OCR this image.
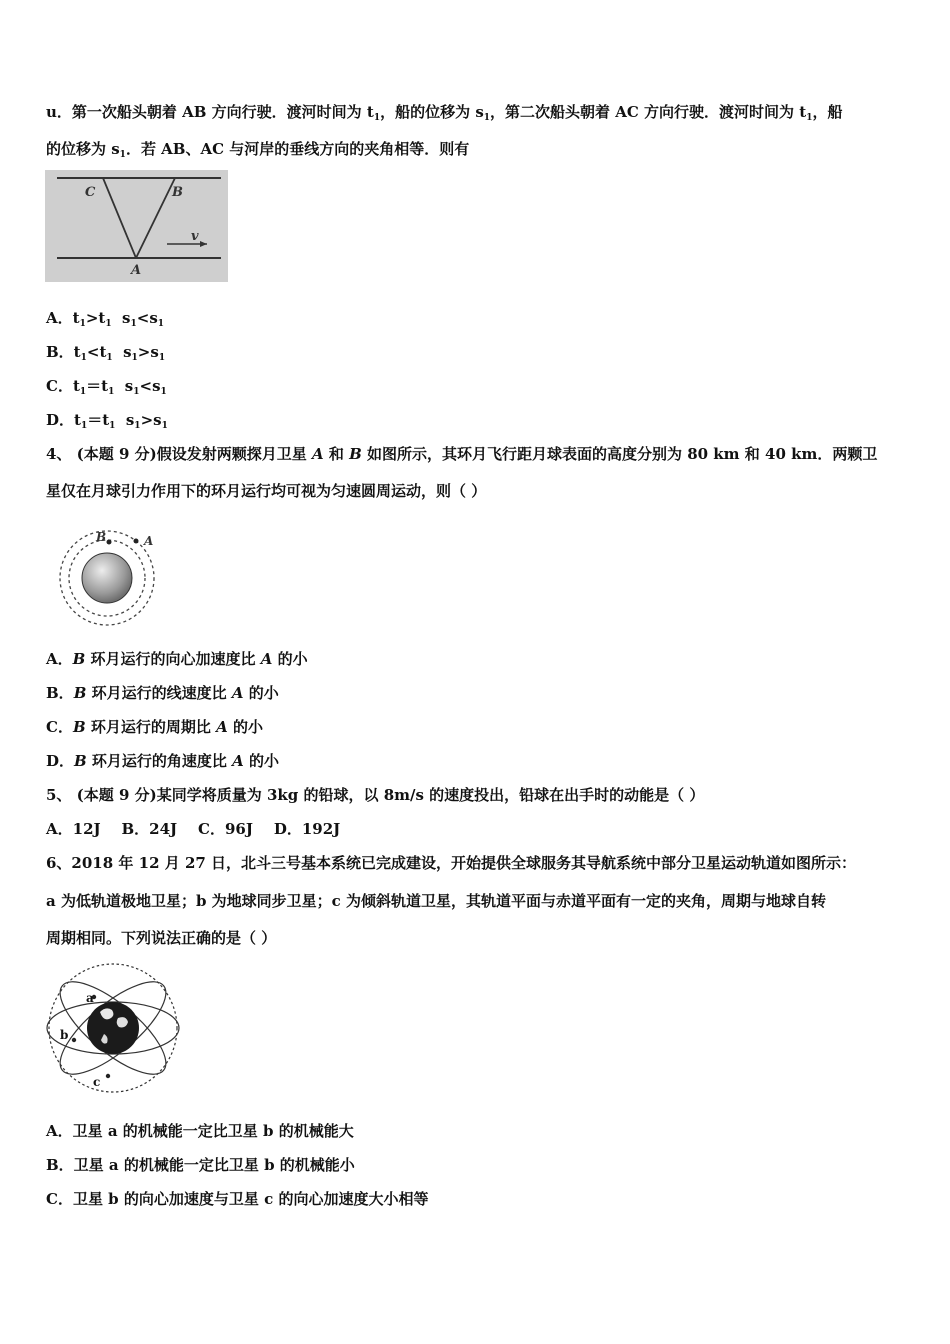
u．第一次船头朝着 AB 方向行驶．渡河时间为 $t_1$，船的位移为 $s_1$，第二次船头朝着 AC 方向行驶．渡河时间为 $t_1$，船
的位移为 $s_1$．若 AB、AC 与河岸的垂线方向的夹角相等．则有
C	B
v
A
A．$t_1>t_1$  $s_1<s_1$
B．$t_1<t_1$  $s_1>s_1$
C．$t_1=t_1$  $s_1<s_1$
D．$t_1=t_1$  $s_1>s_1$
4、 (本题 9 分)假设发射两颗探月卫星 A 和 B 如图所示，其环月飞行距月球表面的高度分别为 80 km 和 40 km．两颗卫
星仅在月球引力作用下的环月运行均可视为匀速圆周运动，则（ ）
B	A
A．B 环月运行的向心加速度比 A 的小
B．B 环月运行的线速度比 A 的小
C．B 环月运行的周期比 A 的小
D．B 环月运行的角速度比 A 的小
5、 (本题 9 分)某同学将质量为 3kg 的铅球，以 8m/s 的速度投出，铅球在出手时的动能是（ ）
A．12J    B．24J    C．96J    D．192J
6、2018 年 12 月 27 日，北斗三号基本系统已完成建设，开始提供全球服务其导航系统中部分卫星运动轨道如图所示：
a 为低轨道极地卫星；b 为地球同步卫星；c 为倾斜轨道卫星，其轨道平面与赤道平面有一定的夹角，周期与地球自转
周期相同。下列说法正确的是（ ）
a
b
c
A．卫星 a 的机械能一定比卫星 b 的机械能大
B．卫星 a 的机械能一定比卫星 b 的机械能小
C．卫星 b 的向心加速度与卫星 c 的向心加速度大小相等
